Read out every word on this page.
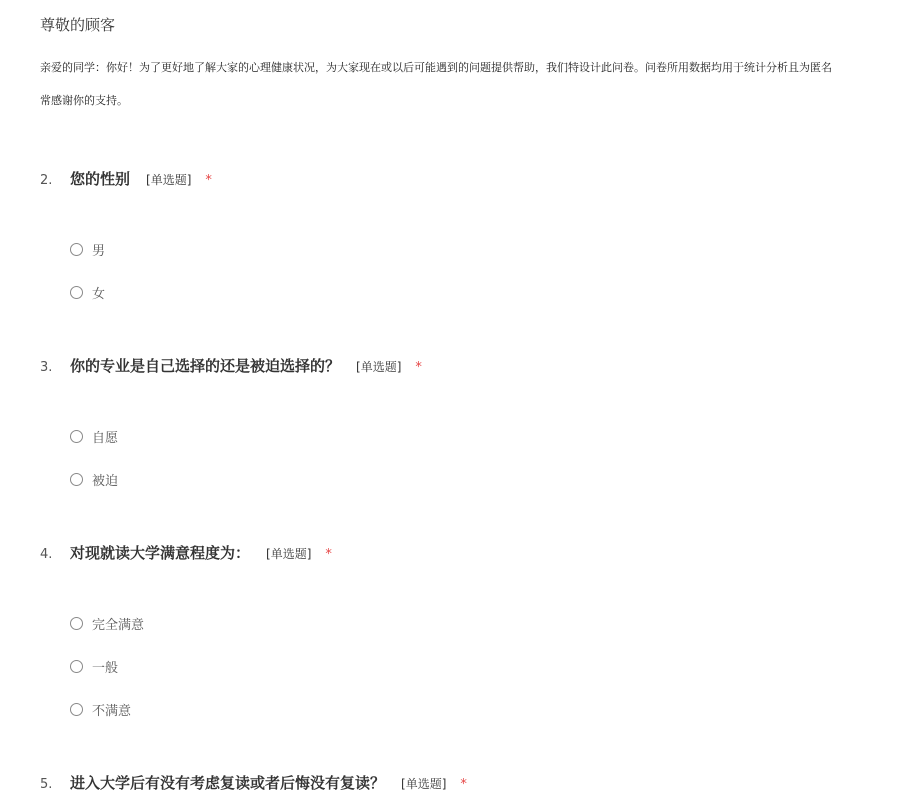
尊敬的顾客
亲爱的同学：你好！为了更好地了解大家的心理健康状况，为大家现在或以后可能遇到的问题提供帮助，我们特设计此问卷。问卷所用数据均用于统计分析且为匿名
常感谢你的支持。
2.	您的性别 [单选题] *
男
女
3.	你的专业是自己选择的还是被迫选择的？ [单选题] *
自愿
被迫
4.	对现就读大学满意程度为： [单选题] *
完全满意
一般
不满意
5.	进入大学后有没有考虑复读或者后悔没有复读？ [单选题] *
